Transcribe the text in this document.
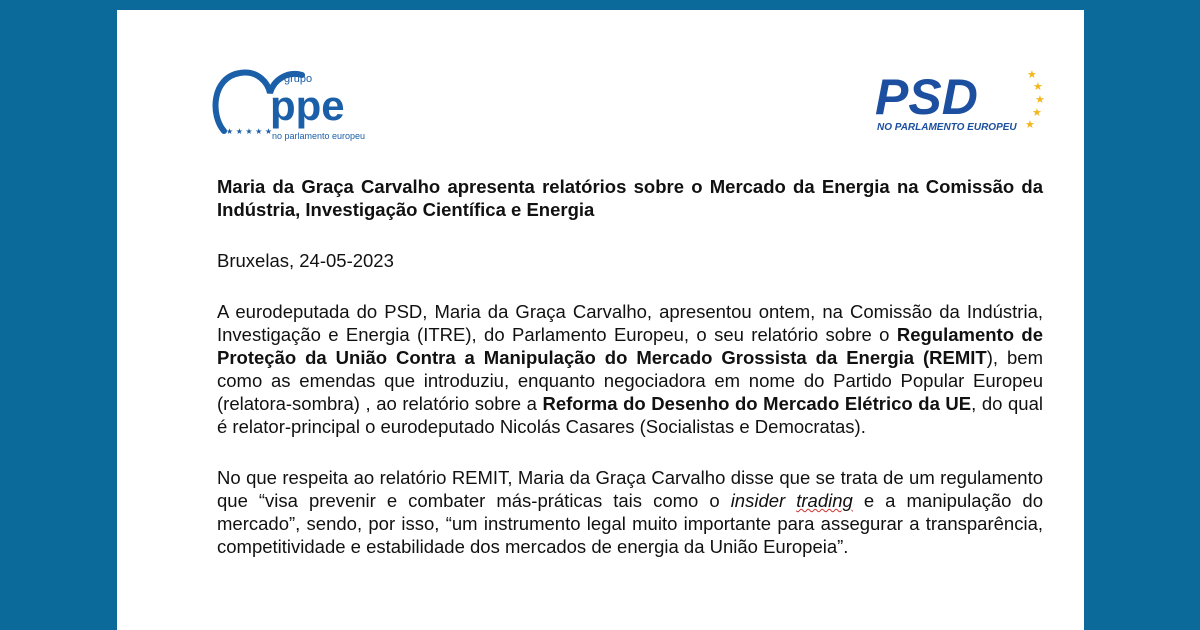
★ ★ ★ ★ ★
grupo
ppe
no parlamento europeu
PSD
NO PARLAMENTO EUROPEU
★
★
★
★
★

Maria da Graça Carvalho apresenta relatórios sobre o Mercado da Energia na Comissão da Indústria, Investigação Científica e Energia

Bruxelas, 24-05-2023

A eurodeputada do PSD, Maria da Graça Carvalho, apresentou ontem, na Comissão da Indústria, Investigação e Energia (ITRE), do Parlamento Europeu, o seu relatório sobre o Regulamento de Proteção da União Contra a Manipulação do Mercado Grossista da Energia (REMIT), bem como as emendas que introduziu, enquanto negociadora em nome do Partido Popular Europeu (relatora-sombra) , ao relatório sobre a Reforma do Desenho do Mercado Elétrico da UE, do qual é relator-principal o eurodeputado Nicolás Casares (Socialistas e Democratas).

No que respeita ao relatório REMIT, Maria da Graça Carvalho disse que se trata de um regulamento que “visa prevenir e combater más-práticas tais como o insider trading e a manipulação do mercado”, sendo, por isso, “um instrumento legal muito importante para assegurar a transparência, competitividade e estabilidade dos mercados de energia da União Europeia”.
